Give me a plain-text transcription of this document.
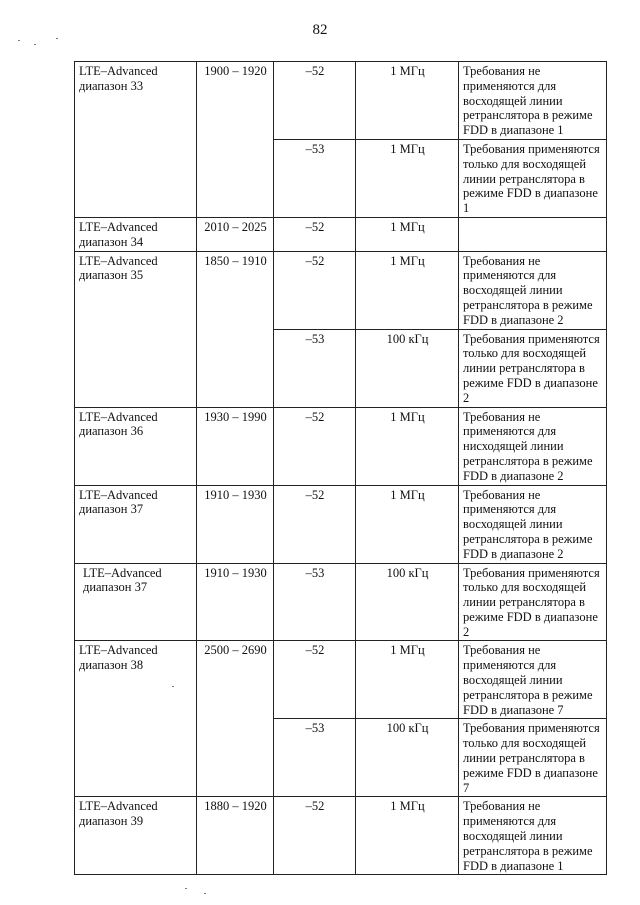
82
LTE–Advanced диапазон 33	1900 – 1920	–52	1 МГц	Требования не применяются для восходящей линии ретранслятора в режиме FDD в диапазоне 1
		–53	1 МГц	Требования применяются только для восходящей линии ретранслятора в режиме FDD в диапазоне 1
LTE–Advanced диапазон 34	2010 – 2025	–52	1 МГц	
LTE–Advanced диапазон 35	1850 – 1910	–52	1 МГц	Требования не применяются для восходящей линии ретранслятора в режиме FDD в диапазоне 2
		–53	100 кГц	Требования применяются только для восходящей линии ретранслятора в режиме FDD в диапазоне 2
LTE–Advanced диапазон 36	1930 – 1990	–52	1 МГц	Требования не применяются для нисходящей линии ретранслятора в режиме FDD в диапазоне 2
LTE–Advanced диапазон 37	1910 – 1930	–52	1 МГц	Требования не применяются для восходящей линии ретранслятора в режиме FDD в диапазоне 2
LTE–Advanced диапазон 37	1910 – 1930	–53	100 кГц	Требования применяются только для восходящей линии ретранслятора в режиме FDD в диапазоне 2
LTE–Advanced диапазон 38	2500 – 2690	–52	1 МГц	Требования не применяются для восходящей линии ретранслятора в режиме FDD в диапазоне 7
		–53	100 кГц	Требования применяются только для восходящей линии ретранслятора в режиме FDD в диапазоне 7
LTE–Advanced диапазон 39	1880 – 1920	–52	1 МГц	Требования не применяются для восходящей линии ретранслятора в режиме FDD в диапазоне 1
